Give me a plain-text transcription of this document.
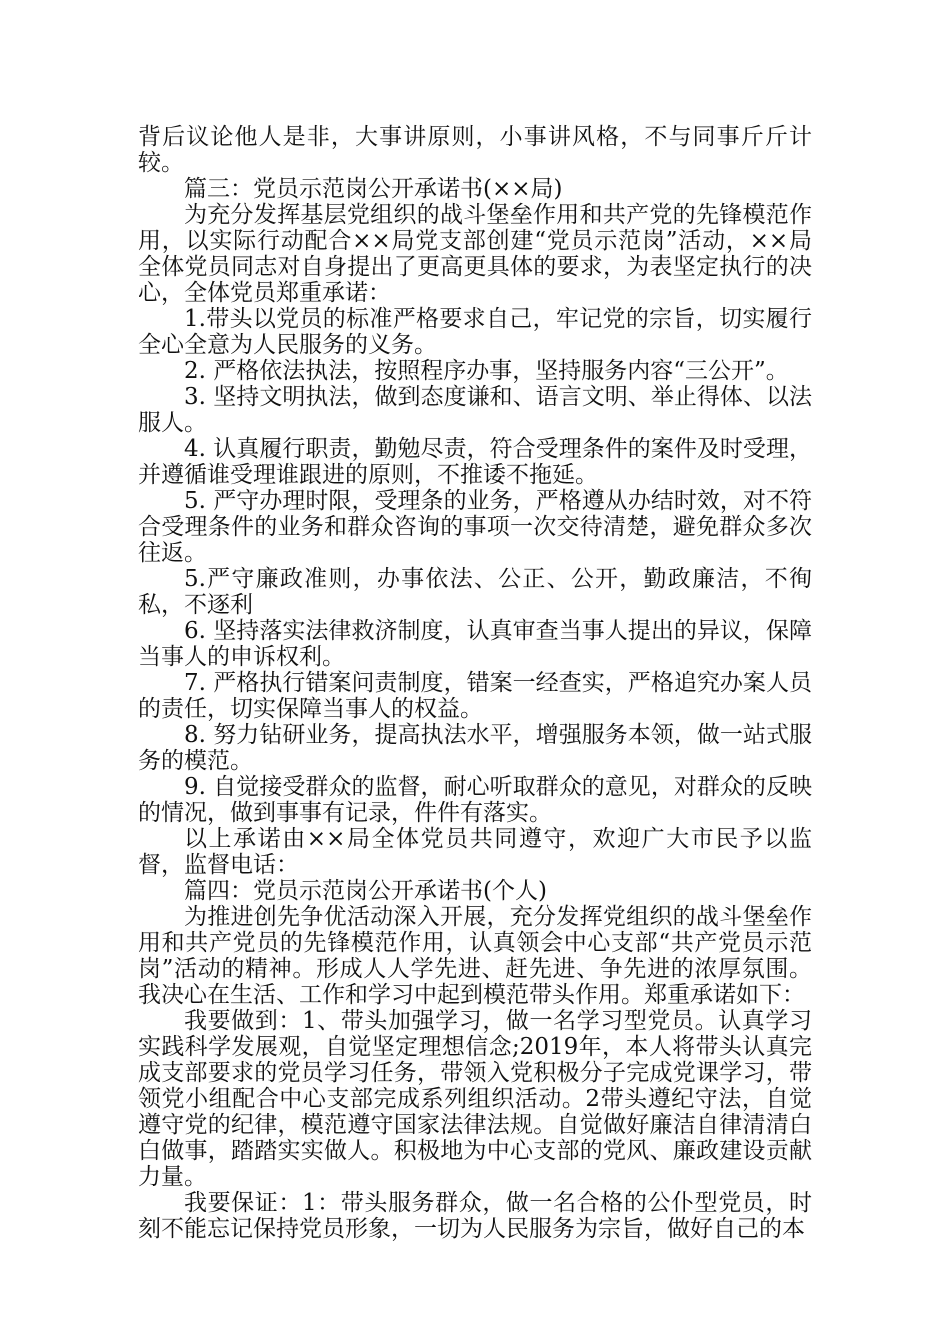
背后议论他人是非，大事讲原则，小事讲风格，不与同事斤斤计较。

篇三：党员示范岗公开承诺书(××局)

为充分发挥基层党组织的战斗堡垒作用和共产党的先锋模范作用，以实际行动配合××局党支部创建“党员示范岗”活动，××局全体党员同志对自身提出了更高更具体的要求，为表坚定执行的决心，全体党员郑重承诺：

1.带头以党员的标准严格要求自己，牢记党的宗旨，切实履行全心全意为人民服务的义务。

2. 严格依法执法，按照程序办事，坚持服务内容“三公开”。

3. 坚持文明执法，做到态度谦和、语言文明、举止得体、以法服人。

4. 认真履行职责，勤勉尽责，符合受理条件的案件及时受理，并遵循谁受理谁跟进的原则，不推诿不拖延。

5. 严守办理时限，受理条的业务，严格遵从办结时效，对不符合受理条件的业务和群众咨询的事项一次交待清楚，避免群众多次往返。

5.严守廉政准则，办事依法、公正、公开，勤政廉洁，不徇私，不逐利

6. 坚持落实法律救济制度，认真审查当事人提出的异议，保障当事人的申诉权利。

7. 严格执行错案问责制度，错案一经查实，严格追究办案人员的责任，切实保障当事人的权益。

8. 努力钻研业务，提高执法水平，增强服务本领，做一站式服务的模范。

9. 自觉接受群众的监督，耐心听取群众的意见，对群众的反映的情况，做到事事有记录，件件有落实。

以上承诺由××局全体党员共同遵守，欢迎广大市民予以监督，监督电话：

篇四：党员示范岗公开承诺书(个人)

为推进创先争优活动深入开展，充分发挥党组织的战斗堡垒作用和共产党员的先锋模范作用，认真领会中心支部“共产党员示范岗”活动的精神。形成人人学先进、赶先进、争先进的浓厚氛围。我决心在生活、工作和学习中起到模范带头作用。郑重承诺如下：

我要做到：1、带头加强学习，做一名学习型党员。认真学习实践科学发展观，自觉坚定理想信念;2019年，本人将带头认真完成支部要求的党员学习任务，带领入党积极分子完成党课学习，带领党小组配合中心支部完成系列组织活动。2带头遵纪守法，自觉遵守党的纪律，模范遵守国家法律法规。自觉做好廉洁自律清清白白做事，踏踏实实做人。积极地为中心支部的党风、廉政建设贡献力量。

我要保证：1：带头服务群众，做一名合格的公仆型党员，时刻不能忘记保持党员形象，一切为人民服务为宗旨，做好自己的本
